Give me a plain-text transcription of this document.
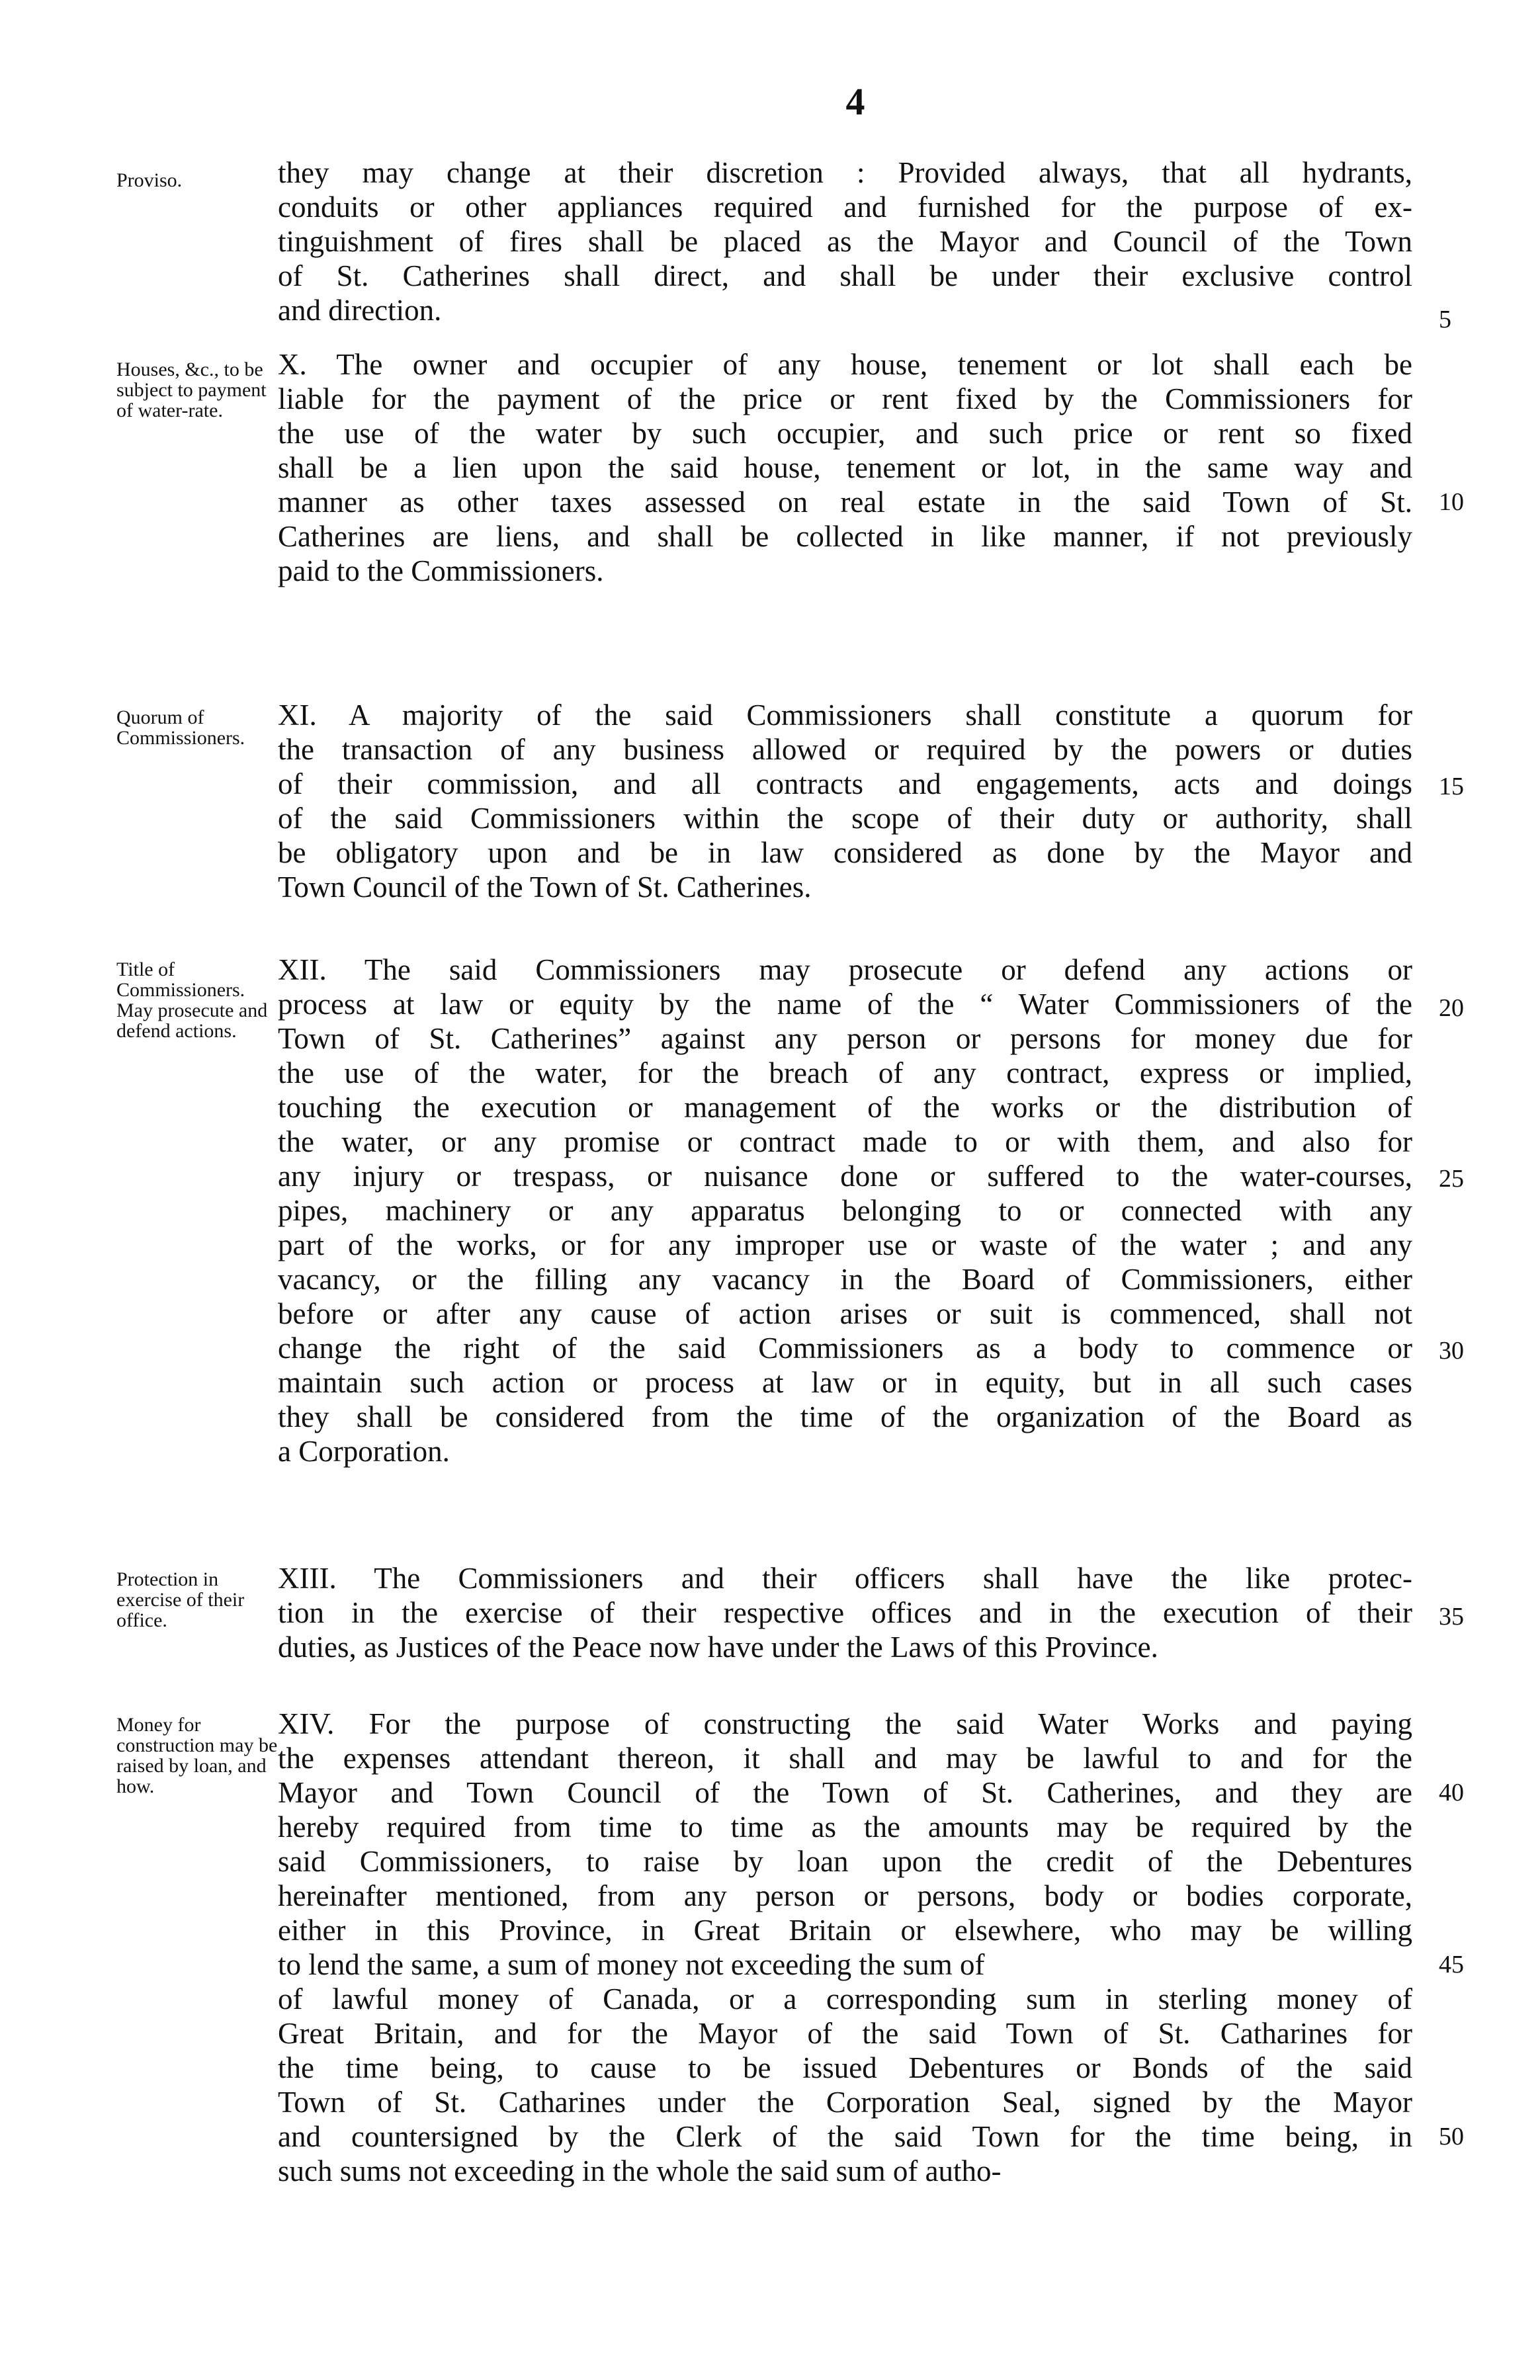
4
Proviso.	they may change at their discretion : Provided always, that all hydrants,
conduits or other appliances required and furnished for the purpose of ex-
tinguishment of fires shall be placed as the Mayor and Council of the Town
of St. Catherines shall direct, and shall be under their exclusive control
and direction.	5
Houses, &c., to be subject to payment of water-rate.
X. The owner and occupier of any house, tenement or lot shall each be
liable for the payment of the price or rent fixed by the Commissioners for
the use of the water by such occupier, and such price or rent so fixed
shall be a lien upon the said house, tenement or lot, in the same way and
manner as other taxes assessed on real estate in the said Town of St.
Catherines are liens, and shall be collected in like manner, if not previously
paid to the Commissioners.
10
Quorum of Commissioners.
XI. A majority of the said Commissioners shall constitute a quorum for
the transaction of any business allowed or required by the powers or duties
of their commission, and all contracts and engagements, acts and doings
of the said Commissioners within the scope of their duty or authority, shall
be obligatory upon and be in law considered as done by the Mayor and
Town Council of the Town of St. Catherines.
15
Title of Commissioners. May prosecute and defend actions.
XII. The said Commissioners may prosecute or defend any actions or
process at law or equity by the name of the “ Water Commissioners of the
Town of St. Catherines” against any person or persons for money due for
the use of the water, for the breach of any contract, express or implied,
touching the execution or management of the works or the distribution of
the water, or any promise or contract made to or with them, and also for
any injury or trespass, or nuisance done or suffered to the water-courses,
pipes, machinery or any apparatus belonging to or connected with any
part of the works, or for any improper use or waste of the water ; and any
vacancy, or the filling any vacancy in the Board of Commissioners, either
before or after any cause of action arises or suit is commenced, shall not
change the right of the said Commissioners as a body to commence or
maintain such action or process at law or in equity, but in all such cases
they shall be considered from the time of the organization of the Board as
a Corporation.
20
25
30
Protection in exercise of their office.
XIII. The Commissioners and their officers shall have the like protec-
tion in the exercise of their respective offices and in the execution of their
duties, as Justices of the Peace now have under the Laws of this Province.
35
Money for construction may be raised by loan, and how.
XIV. For the purpose of constructing the said Water Works and paying
the expenses attendant thereon, it shall and may be lawful to and for the
Mayor and Town Council of the Town of St. Catherines, and they are
hereby required from time to time as the amounts may be required by the
said Commissioners, to raise by loan upon the credit of the Debentures
hereinafter mentioned, from any person or persons, body or bodies corporate,
either in this Province, in Great Britain or elsewhere, who may be willing
to lend the same, a sum of money not exceeding the sum of
of lawful money of Canada, or a corresponding sum in sterling money of
Great Britain, and for the Mayor of the said Town of St. Catharines for
the time being, to cause to be issued Debentures or Bonds of the said
Town of St. Catharines under the Corporation Seal, signed by the Mayor
and countersigned by the Clerk of the said Town for the time being, in
such sums not exceeding in the whole the said sum of autho-
40
45
50
